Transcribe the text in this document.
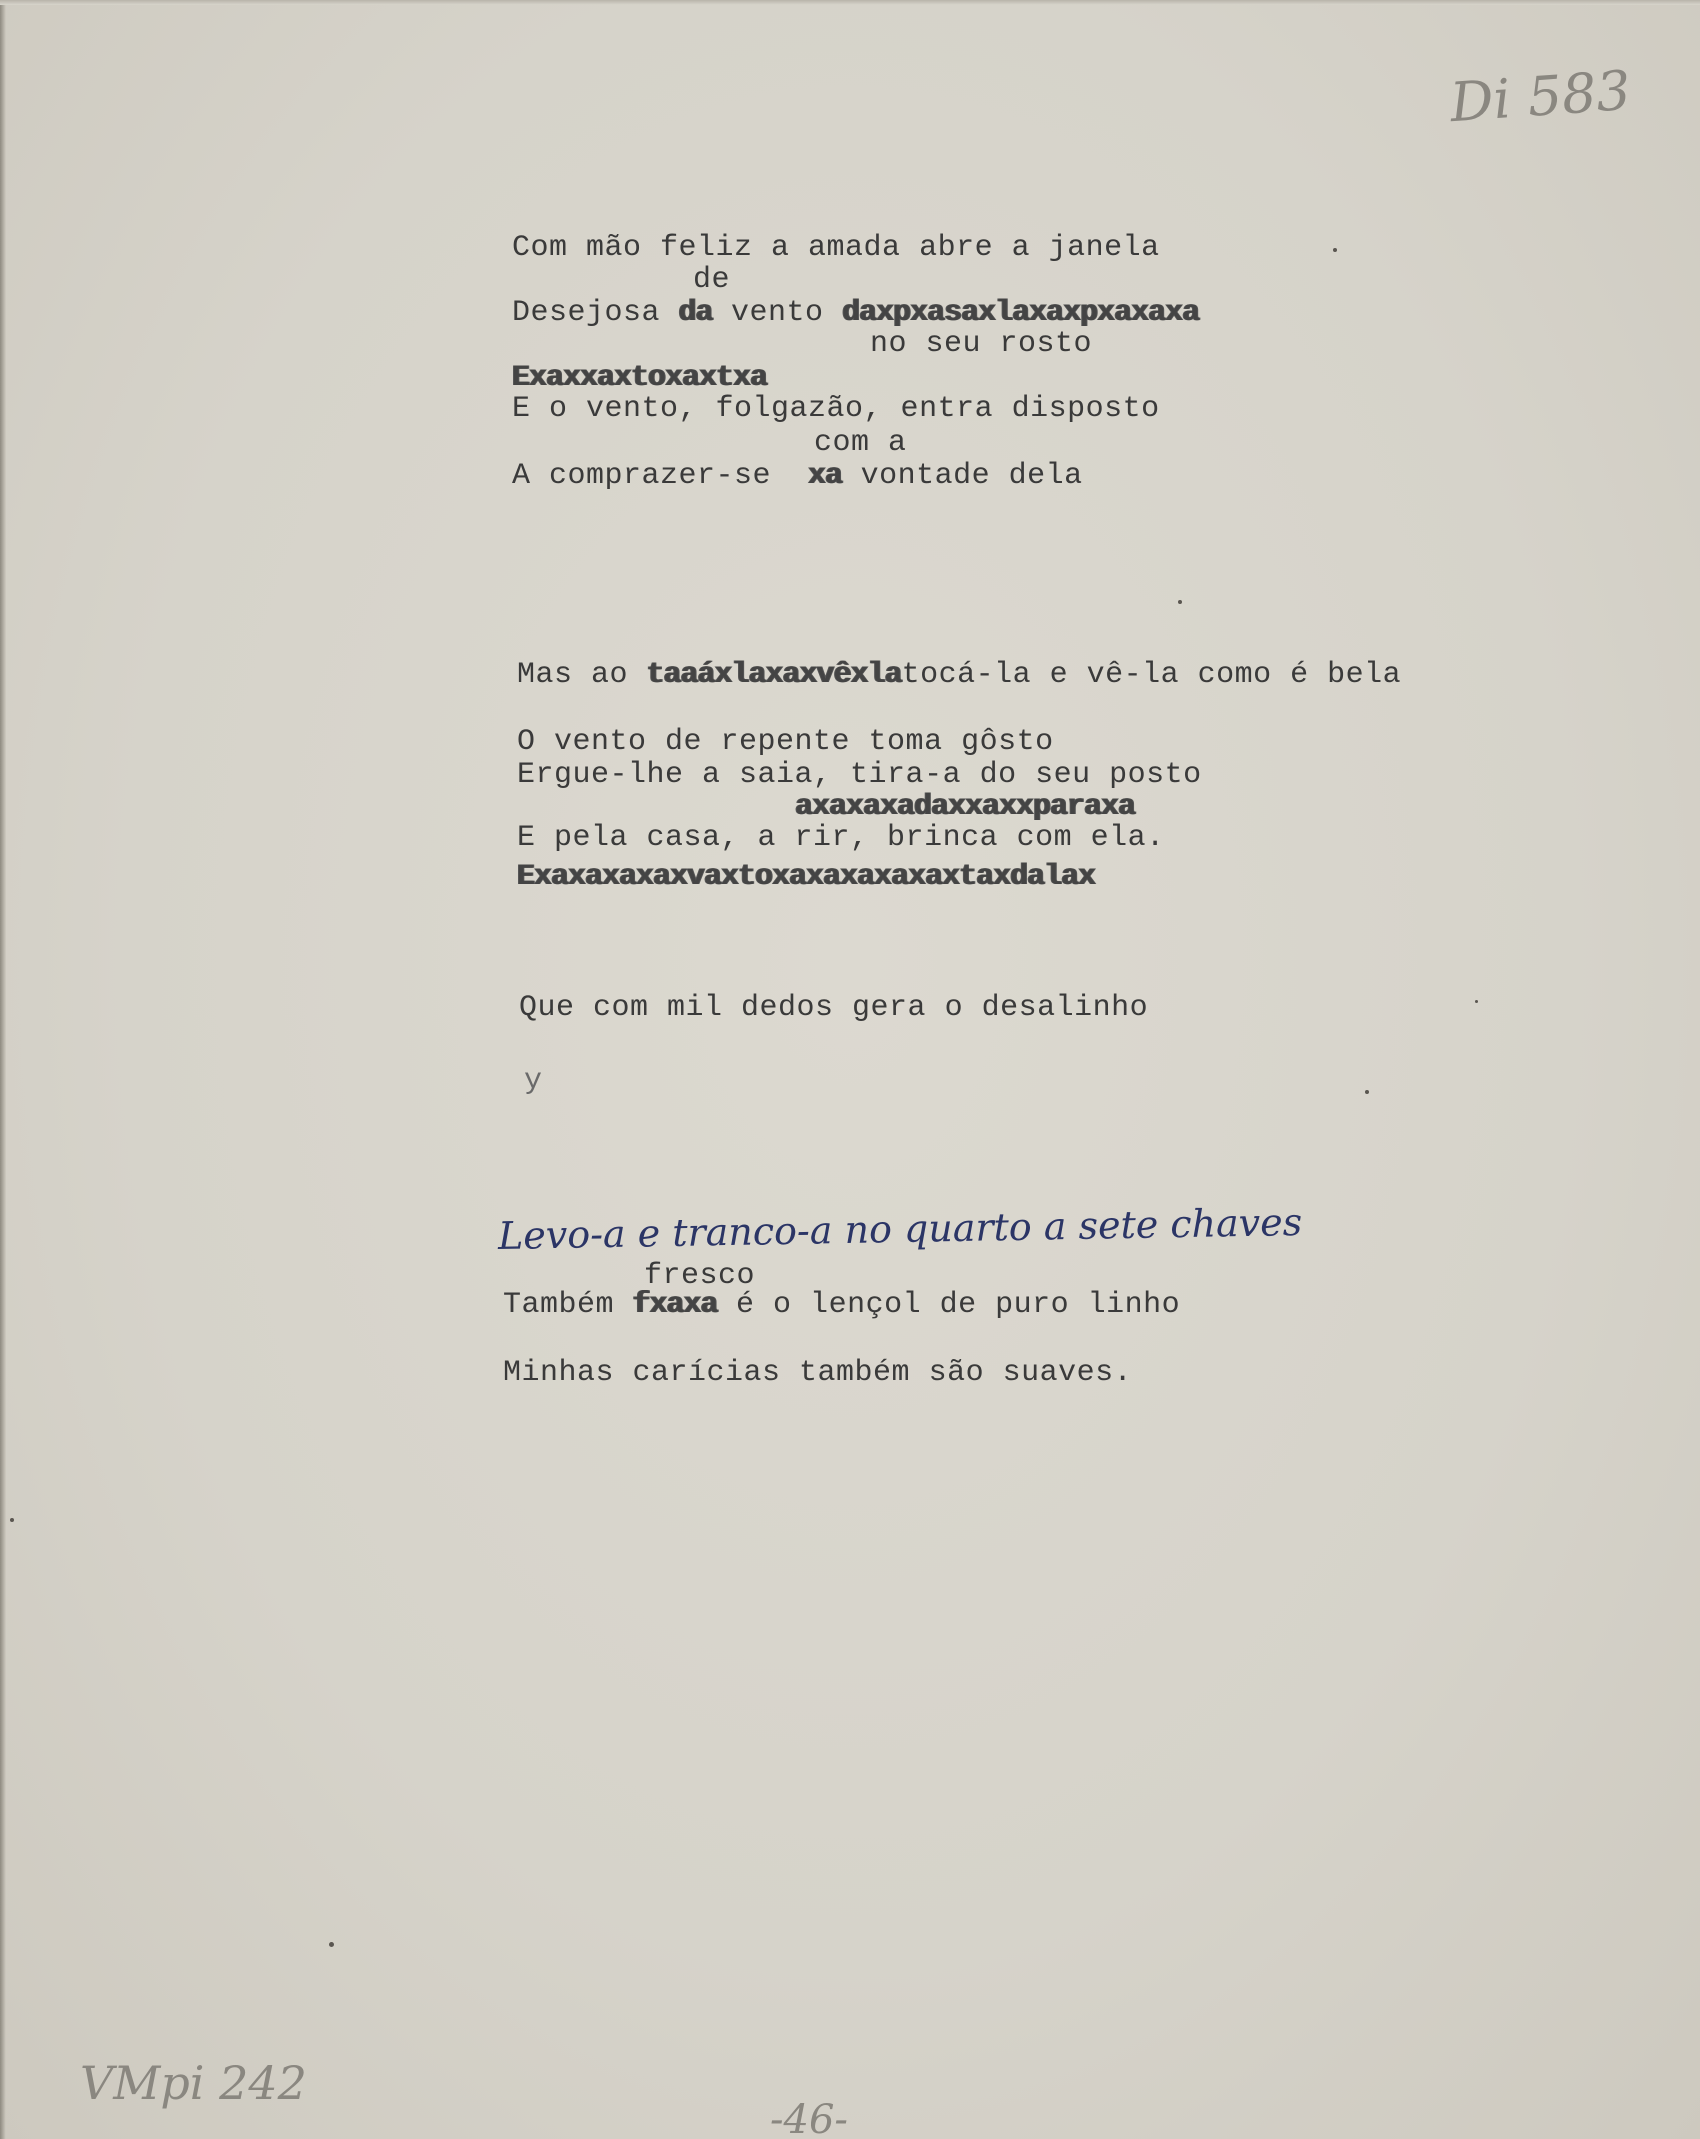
Di 583
Com mão feliz a amada abre a janela
de
Desejosa da vento daxpxasaxlaxaxpxaxaxa
no seu rosto
Exaxxaxtoxaxtxa
E o vento, folgazão, entra disposto
com a
A comprazer-se  xa vontade dela
Mas ao taaáxlaxaxvêxlatocá-la e vê-la como é bela
O vento de repente toma gôsto
Ergue-lhe a saia, tira-a do seu posto
axaxaxadaxxaxxparaxa
E pela casa, a rir, brinca com ela.
Exaxaxaxaxvaxtoxaxaxaxaxaxtaxdalax
Que com mil dedos gera o desalinho
y
Levo-a e tranco-a no quarto a sete chaves
fresco
Também fxaxa é o lençol de puro linho
Minhas carícias também são suaves.
VMpi 242
-46-
